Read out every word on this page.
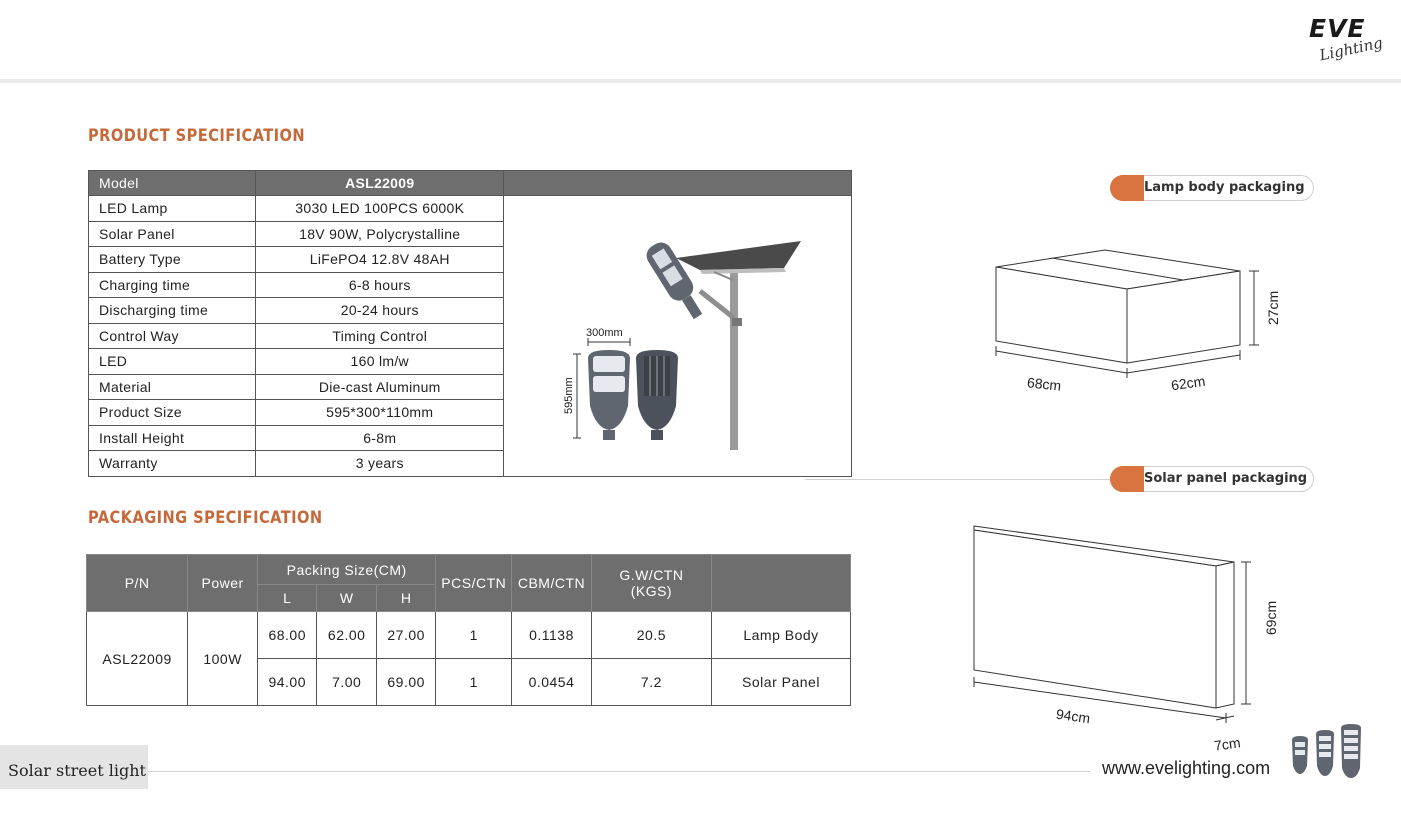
EVE
Lighting
PRODUCT SPECIFICATION
Model	ASL22009	
LED Lamp	3030 LED 100PCS 6000K	300mm
595mm

Solar Panel	18V 90W, Polycrystalline	
Battery Type	LiFePO4 12.8V 48AH	
Charging time	6-8 hours	
Discharging time	20-24 hours	
Control Way	Timing Control	
LED	160 lm/w	
Material	Die-cast Aluminum	
Product Size	595*300*110mm	
Install Height	6-8m	
Warranty	3 years	
PACKAGING SPECIFICATION
P/N	Power	Packing Size(CM)			PCS/CTN	CBM/CTN	G.W/CTN (KGS)	
		L	W	H				
ASL22009	100W	68.00	62.00	27.00	1	0.1138	20.5	Lamp Body
		94.00	7.00	69.00	1	0.0454	7.2	Solar Panel
Lamp body packaging
68cm	62cm
27cm
Solar panel packaging
94cm
7cm
69cm
Solar street light	www.evelighting.com
